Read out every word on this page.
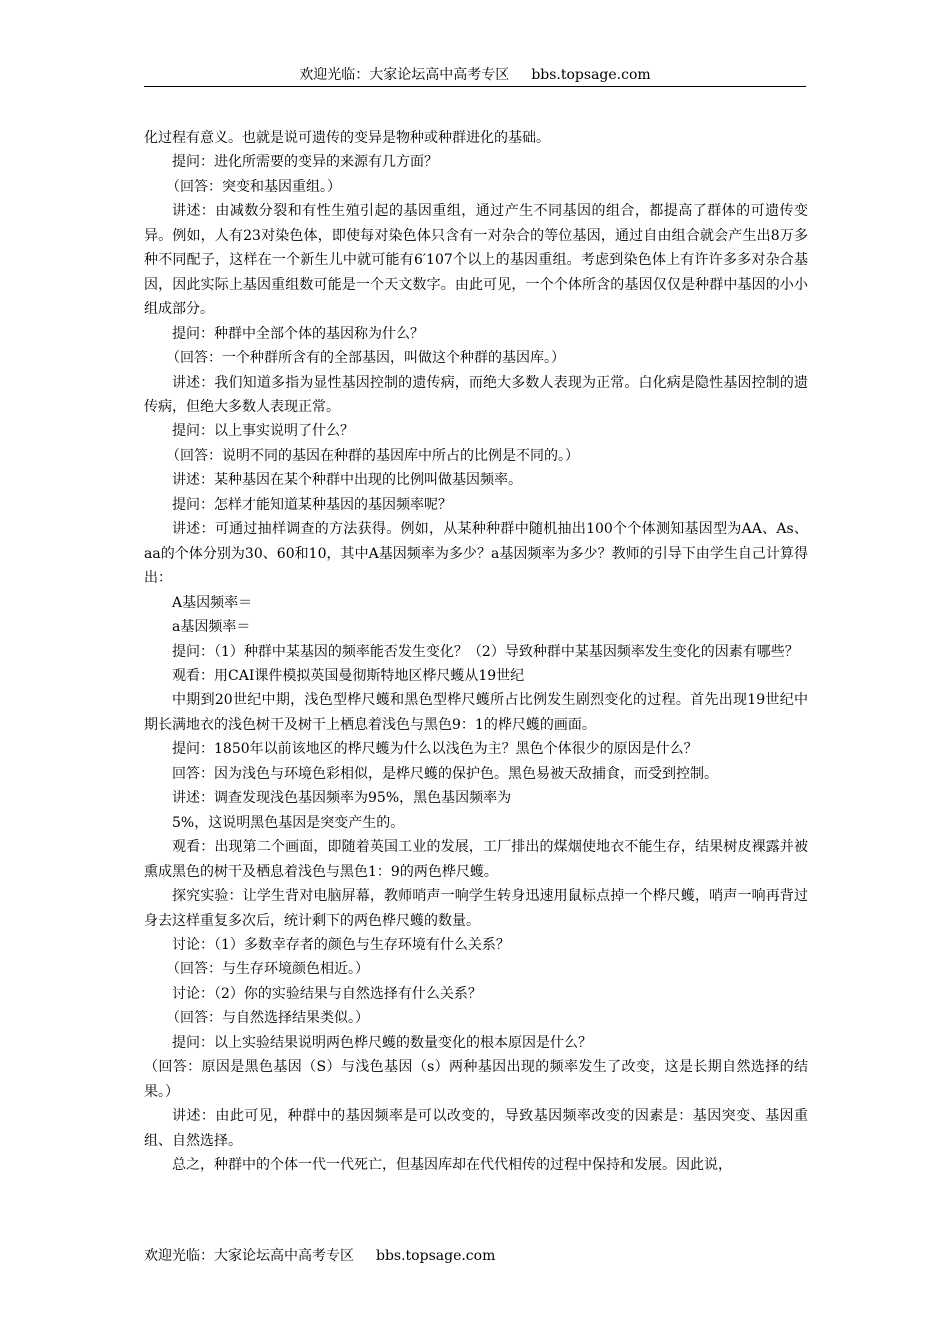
欢迎光临：大家论坛高中高考专区 bbs.topsage.com

化过程有意义。也就是说可遗传的变异是物种或种群进化的基础。

提问：进化所需要的变异的来源有几方面？

（回答：突变和基因重组。）

讲述：由减数分裂和有性生殖引起的基因重组，通过产生不同基因的组合，都提高了群体的可遗传变异。例如，人有23对染色体，即使每对染色体只含有一对杂合的等位基因，通过自由组合就会产生出8万多种不同配子，这样在一个新生儿中就可能有6′107个以上的基因重组。考虑到染色体上有许许多多对杂合基因，因此实际上基因重组数可能是一个天文数字。由此可见，一个个体所含的基因仅仅是种群中基因的小小组成部分。

提问：种群中全部个体的基因称为什么？

（回答：一个种群所含有的全部基因，叫做这个种群的基因库。）

讲述：我们知道多指为显性基因控制的遗传病，而绝大多数人表现为正常。白化病是隐性基因控制的遗传病，但绝大多数人表现正常。

提问：以上事实说明了什么？

（回答：说明不同的基因在种群的基因库中所占的比例是不同的。）

讲述：某种基因在某个种群中出现的比例叫做基因频率。

提问：怎样才能知道某种基因的基因频率呢？

讲述：可通过抽样调查的方法获得。例如，从某种种群中随机抽出100个个体测知基因型为AA、As、aa的个体分别为30、60和10，其中A基因频率为多少？a基因频率为多少？教师的引导下由学生自己计算得出：

A基因频率＝

a基因频率＝

提问：（1）种群中某基因的频率能否发生变化？（2）导致种群中某基因频率发生变化的因素有哪些？

观看：用CAI课件模拟英国曼彻斯特地区桦尺蠖从19世纪

中期到20世纪中期，浅色型桦尺蠖和黑色型桦尺蠖所占比例发生剧烈变化的过程。首先出现19世纪中期长满地衣的浅色树干及树干上栖息着浅色与黑色9：1的桦尺蠖的画面。

提问：1850年以前该地区的桦尺蠖为什么以浅色为主？黑色个体很少的原因是什么？

回答：因为浅色与环境色彩相似，是桦尺蠖的保护色。黑色易被天敌捕食，而受到控制。

讲述：调查发现浅色基因频率为95%，黑色基因频率为

5%，这说明黑色基因是突变产生的。

观看：出现第二个画面，即随着英国工业的发展，工厂排出的煤烟使地衣不能生存，结果树皮裸露并被熏成黑色的树干及栖息着浅色与黑色1：9的两色桦尺蠖。

探究实验：让学生背对电脑屏幕，教师哨声一响学生转身迅速用鼠标点掉一个桦尺蠖，哨声一响再背过身去这样重复多次后，统计剩下的两色桦尺蠖的数量。

讨论：（1）多数幸存者的颜色与生存环境有什么关系？

（回答：与生存环境颜色相近。）

讨论：（2）你的实验结果与自然选择有什么关系？

（回答：与自然选择结果类似。）

提问：以上实验结果说明两色桦尺蠖的数量变化的根本原因是什么？

（回答：原因是黑色基因（S）与浅色基因（s）两种基因出现的频率发生了改变，这是长期自然选择的结果。）

讲述：由此可见，种群中的基因频率是可以改变的，导致基因频率改变的因素是：基因突变、基因重组、自然选择。

总之，种群中的个体一代一代死亡，但基因库却在代代相传的过程中保持和发展。因此说，

欢迎光临：大家论坛高中高考专区 bbs.topsage.com
